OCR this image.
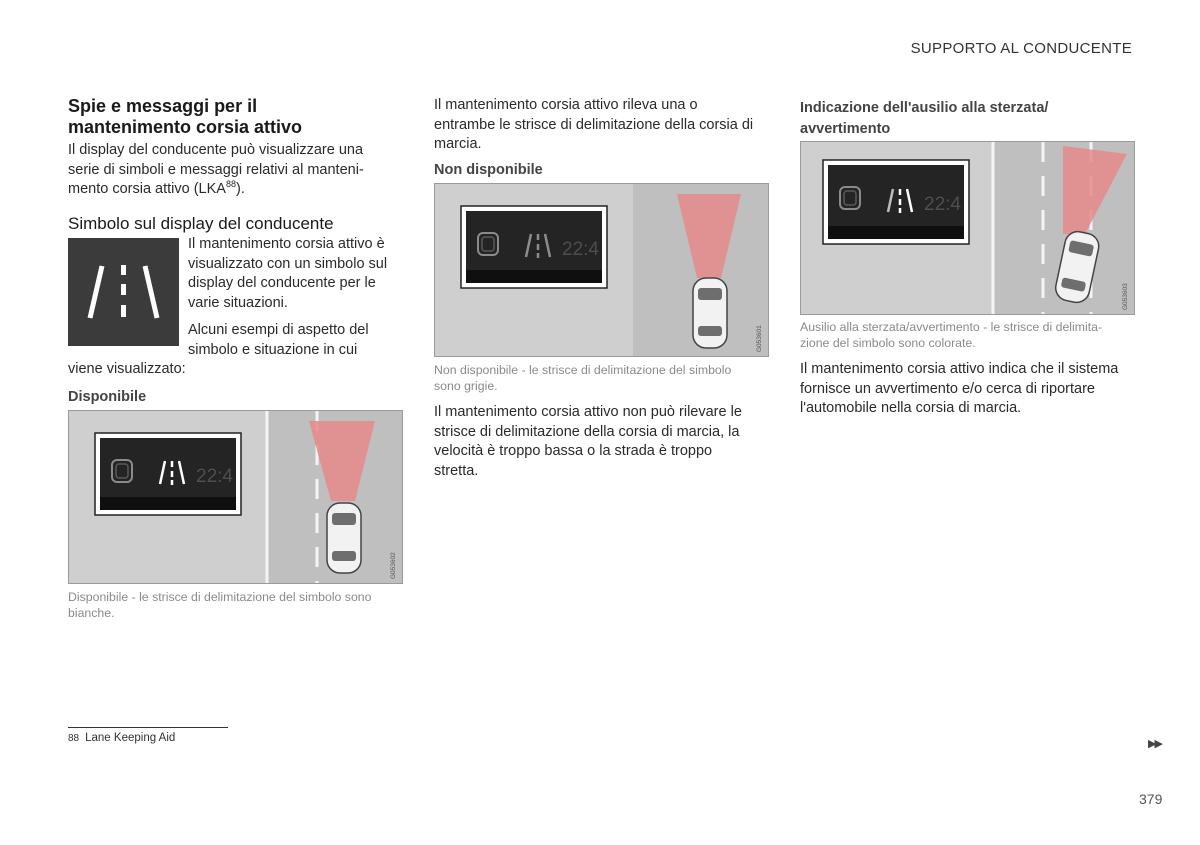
SUPPORTO AL CONDUCENTE
Spie e messaggi per il mantenimento corsia attivo
Il display del conducente può visualizzare una
serie di simboli e messaggi relativi al manteni-
mento corsia attivo (LKA$^{88}$).
Simbolo sul display del conducente
Il mantenimento corsia attivo è
visualizzato con un simbolo sul
display del conducente per le
varie situazioni.
Alcuni esempi di aspetto del
simbolo e situazione in cui
viene visualizzato:
Disponibile
22:4
G053602
Disponibile - le strisce di delimitazione del simbolo sono
bianche.
Il mantenimento corsia attivo rileva una o
entrambe le strisce di delimitazione della corsia di
marcia.
Non disponibile
22:4
G053601
Non disponibile - le strisce di delimitazione del simbolo
sono grigie.
Il mantenimento corsia attivo non può rilevare le
strisce di delimitazione della corsia di marcia, la
velocità è troppo bassa o la strada è troppo
stretta.
Indicazione dell'ausilio alla sterzata/
avvertimento
22:4
G053603
Ausilio alla sterzata/avvertimento - le strisce di delimita-
zione del simbolo sono colorate.
Il mantenimento corsia attivo indica che il sistema
fornisce un avvertimento e/o cerca di riportare
l'automobile nella corsia di marcia.
88 Lane Keeping Aid	▶▶
379
